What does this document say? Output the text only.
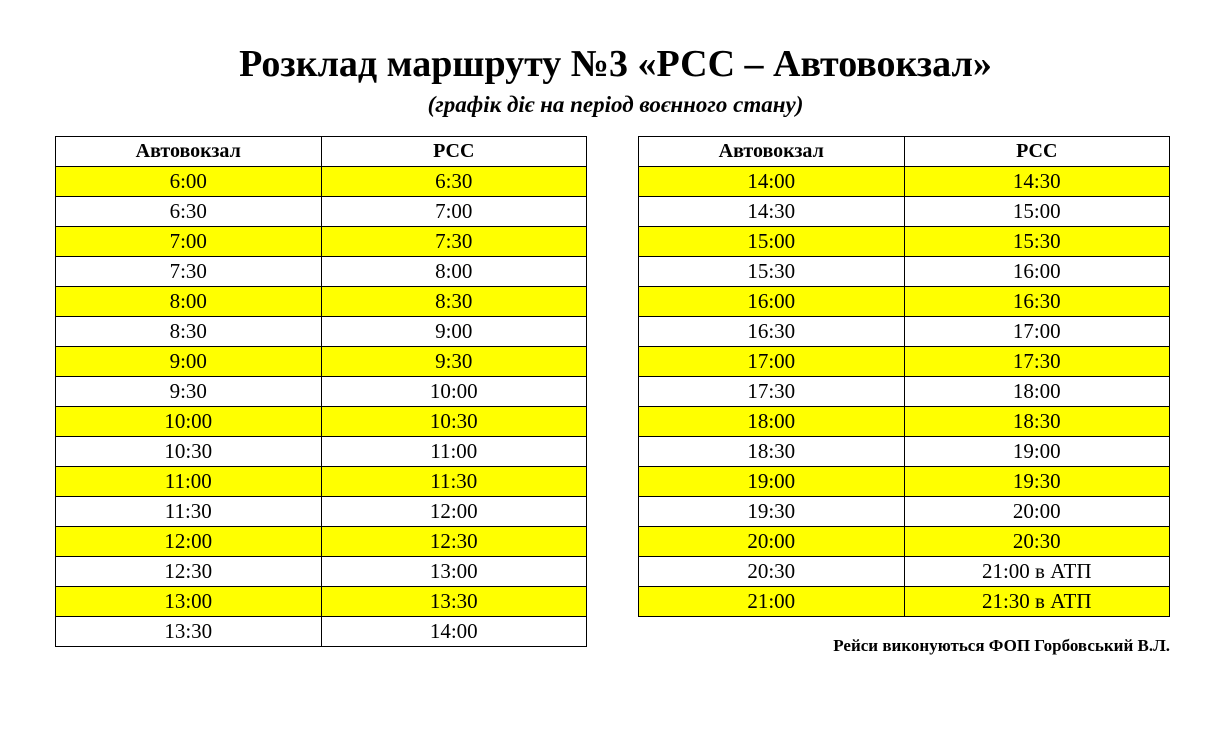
Розклад маршруту №3 «РСС – Автовокзал»

(графік діє на період воєнного стану)

Автовокзал	РСС
6:00	6:30
6:30	7:00
7:00	7:30
7:30	8:00
8:00	8:30
8:30	9:00
9:00	9:30
9:30	10:00
10:00	10:30
10:30	11:00
11:00	11:30
11:30	12:00
12:00	12:30
12:30	13:00
13:00	13:30
13:30	14:00
Автовокзал	РСС
14:00	14:30
14:30	15:00
15:00	15:30
15:30	16:00
16:00	16:30
16:30	17:00
17:00	17:30
17:30	18:00
18:00	18:30
18:30	19:00
19:00	19:30
19:30	20:00
20:00	20:30
20:30	21:00 в АТП
21:00	21:30 в АТП

Рейси виконуються ФОП Горбовський В.Л.
